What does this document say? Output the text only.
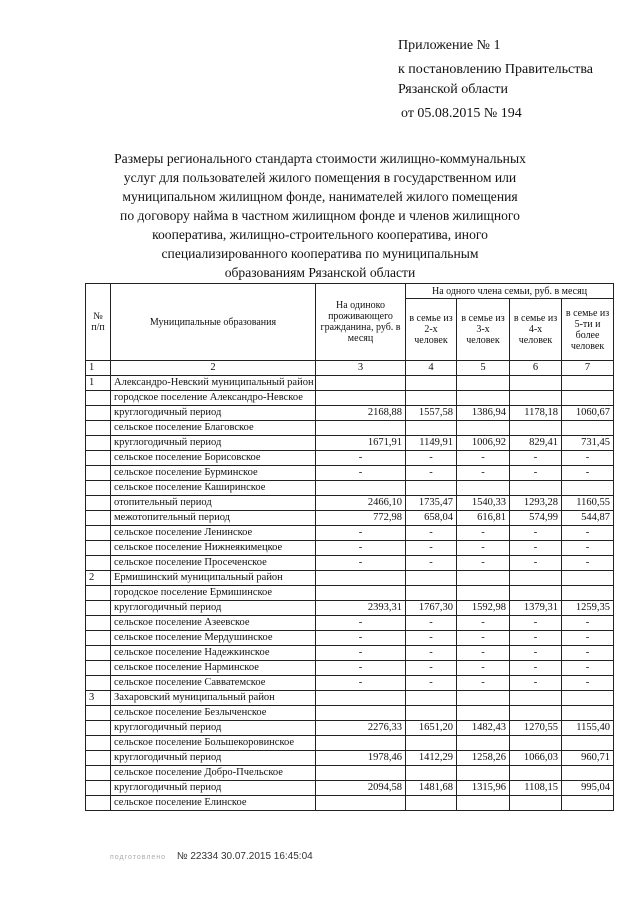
Приложение № 1
к постановлению Правительства
Рязанской области
от 05.08.2015 № 194
Размеры регионального стандарта стоимости жилищно-коммунальных
услуг для пользователей жилого помещения в государственном или
муниципальном жилищном фонде, нанимателей жилого помещения
по договору найма в частном жилищном фонде и членов жилищного
кооператива, жилищно-строительного кооператива, иного
специализированного кооператива по муниципальным
образованиям Рязанской области
№ п/п	Муниципальные образования	На одиноко проживающего гражданина, руб. в месяц	На одного члена семьи, руб. в месяц			
			в семье из 2-х человек	в семье из 3-х человек	в семье из 4-х человек	в семье из 5-ти и более человек
1	2	3	4	5	6	7
1	Александро-Невский муниципальный район					
	городское поселение Александро-Невское					
	круглогодичный период	2168,88	1557,58	1386,94	1178,18	1060,67
	сельское поселение Благовское					
	круглогодичный период	1671,91	1149,91	1006,92	829,41	731,45
	сельское поселение Борисовское	-	-	-	-	-
	сельское поселение Бурминское	-	-	-	-	-
	сельское поселение Каширинское					
	отопительный период	2466,10	1735,47	1540,33	1293,28	1160,55
	межотопительный период	772,98	658,04	616,81	574,99	544,87
	сельское поселение Ленинское	-	-	-	-	-
	сельское поселение Нижнеякимецкое	-	-	-	-	-
	сельское поселение Просеченское	-	-	-	-	-
2	Ермишинский муниципальный район					
	городское поселение Ермишинское					
	круглогодичный период	2393,31	1767,30	1592,98	1379,31	1259,35
	сельское поселение Азеевское	-	-	-	-	-
	сельское поселение Мердушинское	-	-	-	-	-
	сельское поселение Надежкинское	-	-	-	-	-
	сельское поселение Нарминское	-	-	-	-	-
	сельское поселение Савватемское	-	-	-	-	-
3	Захаровский муниципальный район					
	сельское поселение Безлыченское					
	круглогодичный период	2276,33	1651,20	1482,43	1270,55	1155,40
	сельское поселение Большекоровинское					
	круглогодичный период	1978,46	1412,29	1258,26	1066,03	960,71
	сельское поселение Добро-Пчельское					
	круглогодичный период	2094,58	1481,68	1315,96	1108,15	995,04
	сельское поселение Елинское					
подготовлено № 22334 30.07.2015 16:45:04
